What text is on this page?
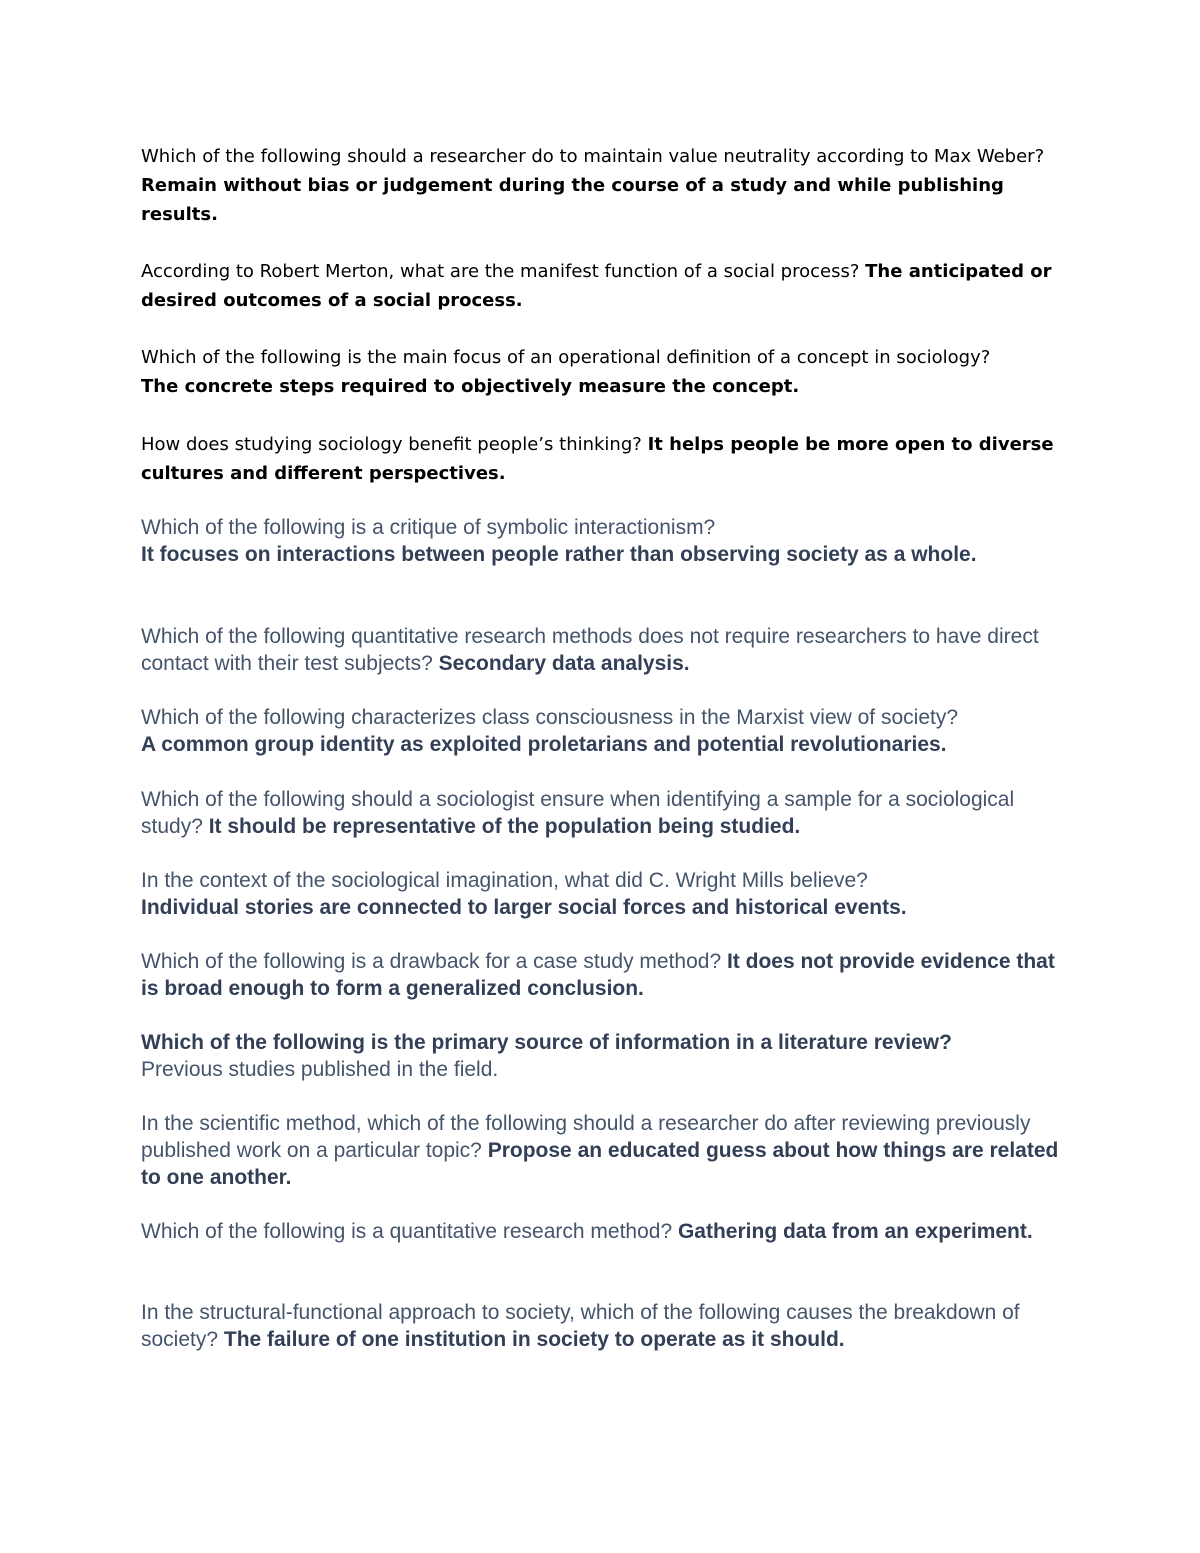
Which of the following should a researcher do to maintain value neutrality according to Max Weber? Remain without bias or judgement during the course of a study and while publishing results.

According to Robert Merton, what are the manifest function of a social process? The anticipated or desired outcomes of a social process.

Which of the following is the main focus of an operational definition of a concept in sociology?
The concrete steps required to objectively measure the concept.

How does studying sociology benefit people’s thinking? It helps people be more open to diverse cultures and different perspectives.

Which of the following is a critique of symbolic interactionism?
It focuses on interactions between people rather than observing society as a whole.

Which of the following quantitative research methods does not require researchers to have direct contact with their test subjects? Secondary data analysis.

Which of the following characterizes class consciousness in the Marxist view of society?
A common group identity as exploited proletarians and potential revolutionaries.

Which of the following should a sociologist ensure when identifying a sample for a sociological study? It should be representative of the population being studied.

In the context of the sociological imagination, what did C. Wright Mills believe?
Individual stories are connected to larger social forces and historical events.

Which of the following is a drawback for a case study method? It does not provide evidence that is broad enough to form a generalized conclusion.

Which of the following is the primary source of information in a literature review?
Previous studies published in the field.

In the scientific method, which of the following should a researcher do after reviewing previously published work on a particular topic? Propose an educated guess about how things are related to one another.

Which of the following is a quantitative research method? Gathering data from an experiment.

In the structural-functional approach to society, which of the following causes the breakdown of society? The failure of one institution in society to operate as it should.
